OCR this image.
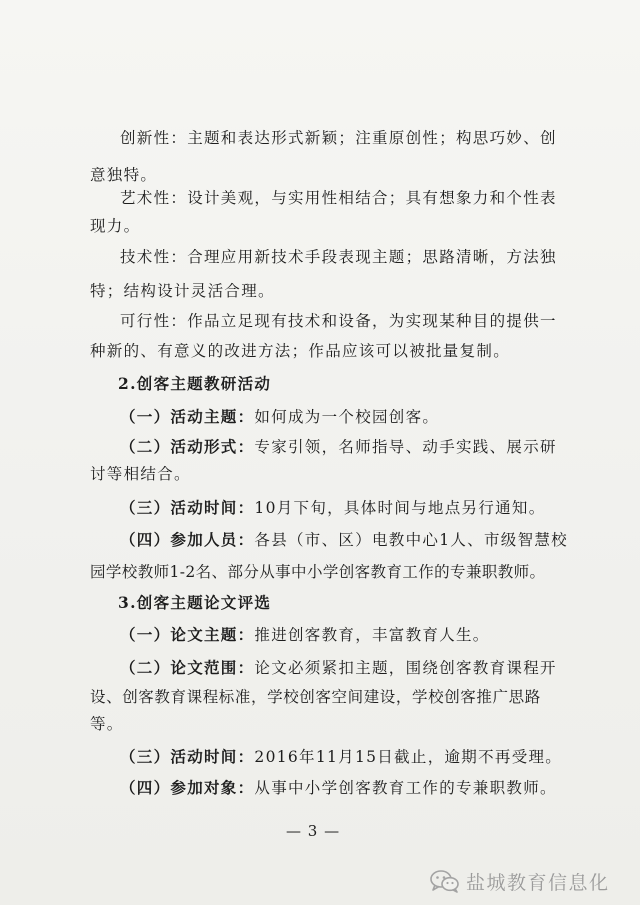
创新性：主题和表达形式新颖；注重原创性；构思巧妙、创
意独特。
艺术性：设计美观，与实用性相结合；具有想象力和个性表
现力。
技术性：合理应用新技术手段表现主题；思路清晰，方法独
特；结构设计灵活合理。
可行性：作品立足现有技术和设备，为实现某种目的提供一
种新的、有意义的改进方法；作品应该可以被批量复制。
2.创客主题教研活动
（一）活动主题：如何成为一个校园创客。
（二）活动形式：专家引领，名师指导、动手实践、展示研
讨等相结合。
（三）活动时间：10月下旬，具体时间与地点另行通知。
（四）参加人员：各县（市、区）电教中心1人、市级智慧校
园学校教师1-2名、部分从事中小学创客教育工作的专兼职教师。
3.创客主题论文评选
（一）论文主题：推进创客教育，丰富教育人生。
（二）论文范围：论文必须紧扣主题，围绕创客教育课程开
设、创客教育课程标准，学校创客空间建设，学校创客推广思路
等。
（三）活动时间：2016年11月15日截止，逾期不再受理。
（四）参加对象：从事中小学创客教育工作的专兼职教师。
— 3 —
盐城教育信息化
